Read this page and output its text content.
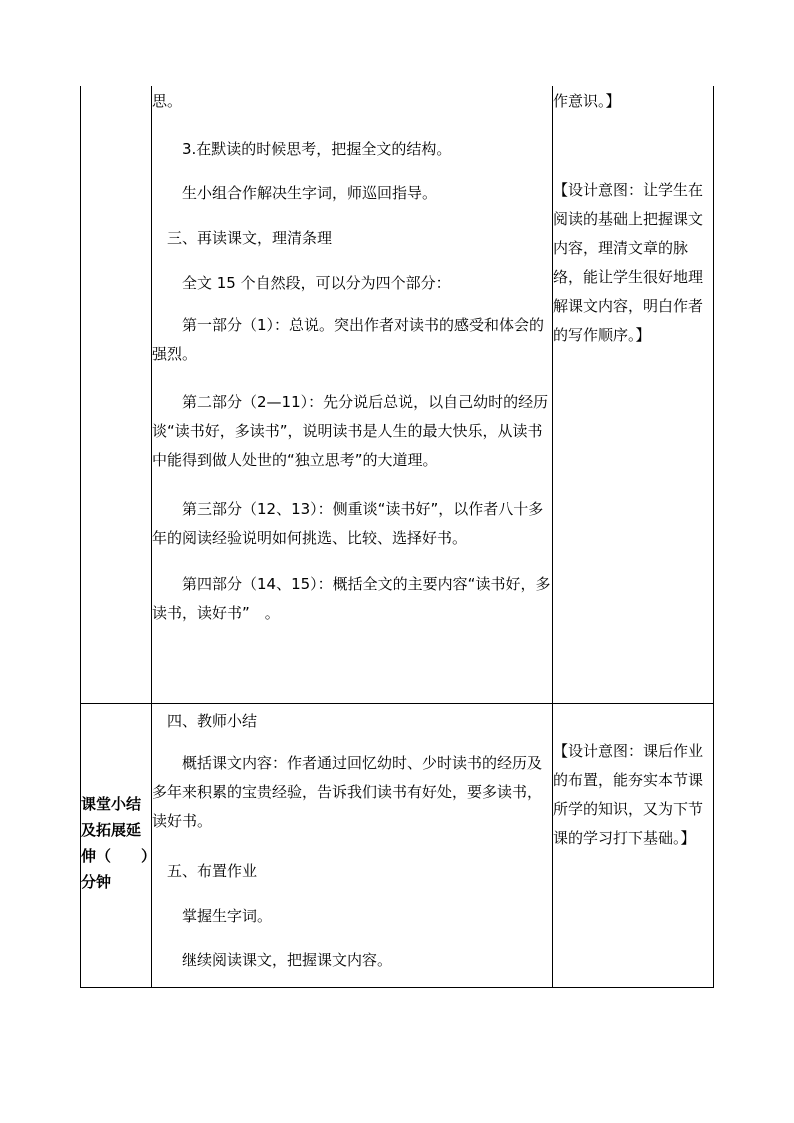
思。
3.在默读的时候思考，把握全文的结构。
生小组合作解决生字词，师巡回指导。
三、再读课文，理清条理
全文 15 个自然段，可以分为四个部分：
第一部分（1）：总说。突出作者对读书的感受和体会的强烈。
第二部分（2—11）：先分说后总说，以自己幼时的经历谈“读书好，多读书”，说明读书是人生的最大快乐，从读书中能得到做人处世的“独立思考”的大道理。
第三部分（12、13）：侧重谈“读书好”，以作者八十多年的阅读经验说明如何挑选、比较、选择好书。
第四部分（14、15）：概括全文的主要内容“读书好，多读书，读好书”　。
作意识。】
【设计意图：让学生在阅读的基础上把握课文内容，理清文章的脉络，能让学生很好地理解课文内容，明白作者的写作顺序。】
课堂小结
及拓展延
伸（　　）
分钟
四、教师小结
概括课文内容：作者通过回忆幼时、少时读书的经历及多年来积累的宝贵经验，告诉我们读书有好处，要多读书，读好书。
五、布置作业
掌握生字词。
继续阅读课文，把握课文内容。
【设计意图：课后作业的布置，能夯实本节课所学的知识，又为下节课的学习打下基础。】
